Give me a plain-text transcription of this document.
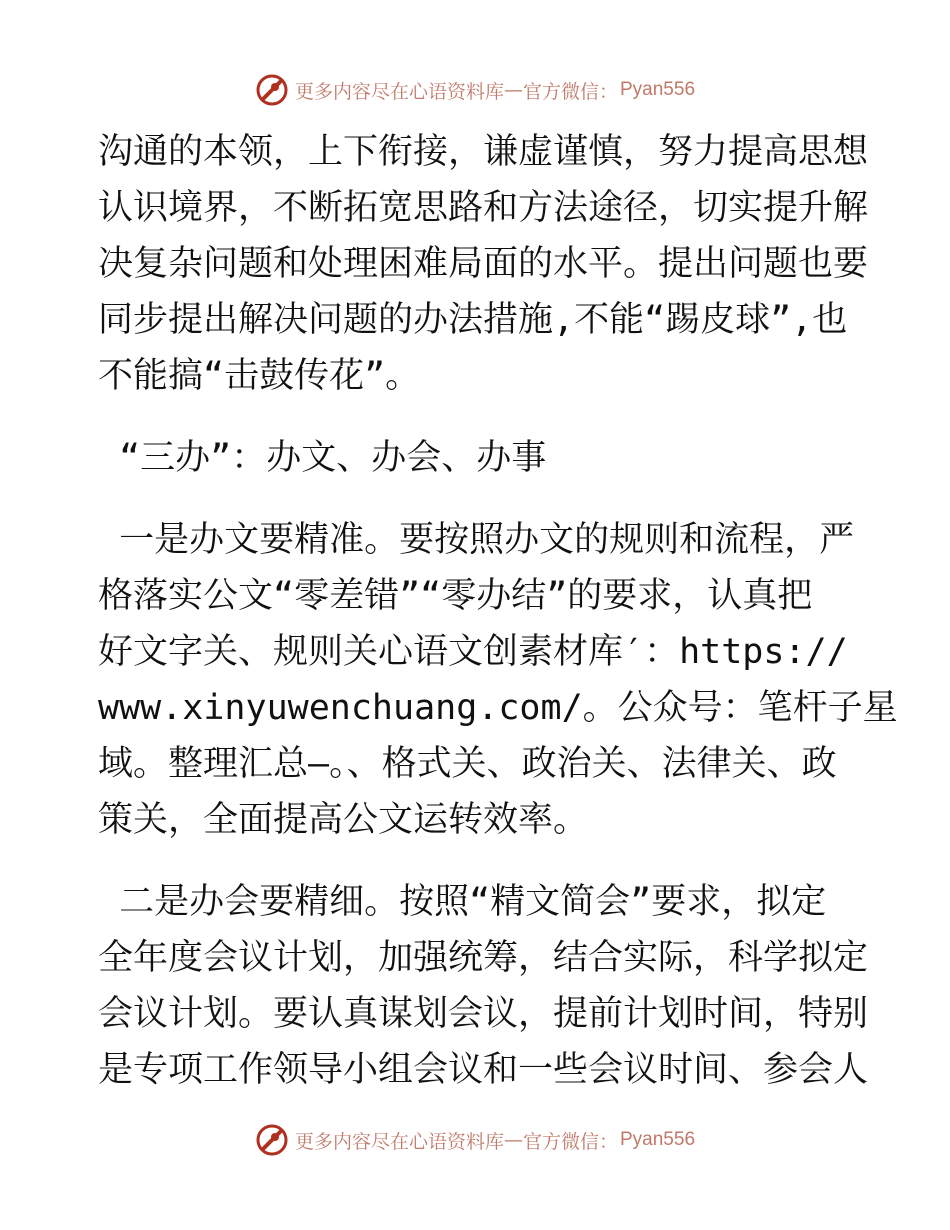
更多内容尽在心语资料库 — 官方微信： Pyan556
沟通的本领，上下衔接，谦虚谨慎，努力提高思想
认识境界，不断拓宽思路和方法途径，切实提升解
决复杂问题和处理困难局面的水平。提出问题也要
同步提出解决问题的办法措施,不能“踢皮球”,也
不能搞“击鼓传花”。
“三办”：办文、办会、办事
一是办文要精准。要按照办文的规则和流程，严
格落实公文“零差错”“零办结”的要求，认真把
好文字关、规则关心语文创素材库′：https://
www.xinyuwenchuang.com/。公众号：笔杆子星
域。整理汇总—。、格式关、政治关、法律关、政
策关，全面提高公文运转效率。
二是办会要精细。按照“精文简会”要求，拟定
全年度会议计划，加强统筹，结合实际，科学拟定
会议计划。要认真谋划会议，提前计划时间，特别
是专项工作领导小组会议和一些会议时间、参会人
更多内容尽在心语资料库 — 官方微信： Pyan556
